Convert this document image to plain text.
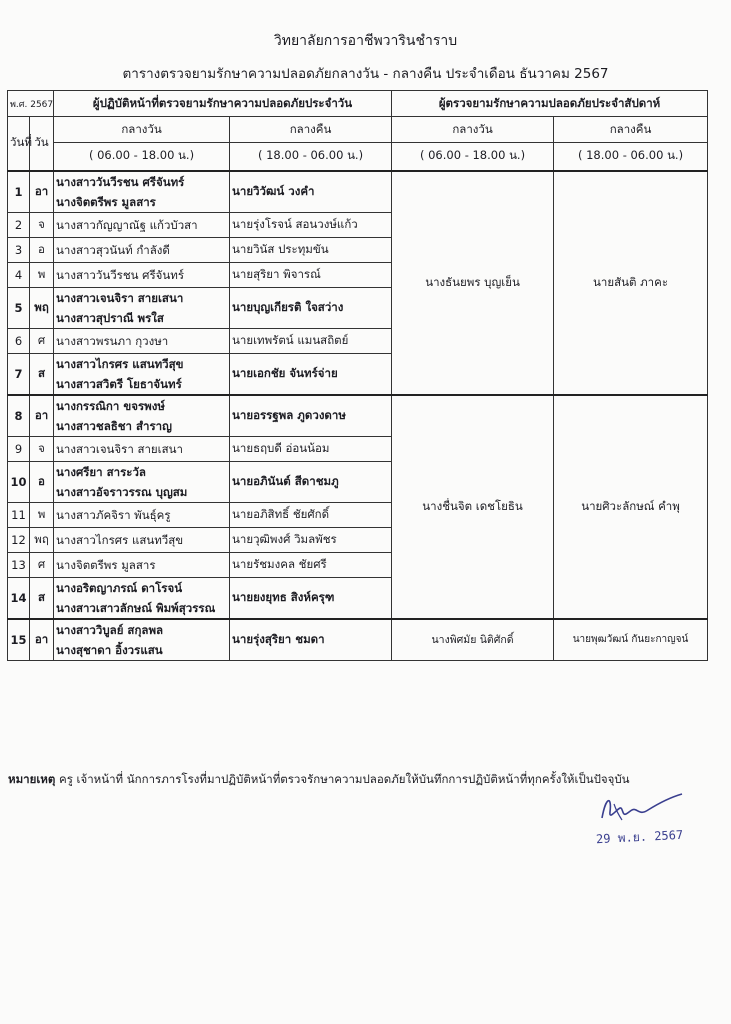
วิทยาลัยการอาชีพวารินชำราบ
ตารางตรวจยามรักษาความปลอดภัยกลางวัน - กลางคืน ประจำเดือน ธันวาคม 2567
พ.ศ. 2567		ผู้ปฏิบัติหน้าที่ตรวจยามรักษาความปลอดภัยประจำวัน		ผู้ตรวจยามรักษาความปลอดภัยประจำสัปดาห์	
วันที่	วัน	กลางวัน	กลางคืน	กลางวัน	กลางคืน
		( 06.00 - 18.00 น.)	( 18.00 - 06.00 น.)	( 06.00 - 18.00 น.)	( 18.00 - 06.00 น.)
1	อา	นางสาววันวีรชน ศรีจันทร์
นางจิตตรีพร มูลสาร	นายวิวัฒน์ วงคำ	นางธันยพร บุญเย็น	นายสันติ ภาคะ
2	จ	นางสาวกัญญาณัฐ แก้วบัวสา	นายรุ่งโรจน์ สอนวงษ์แก้ว		
3	อ	นางสาวสุวนันท์ กำลังดี	นายวินัส ประทุมขัน		
4	พ	นางสาววันวีรชน ศรีจันทร์	นายสุริยา พิจารณ์		
5	พฤ	นางสาวเจนจิรา สายเสนา
นางสาวสุปราณี พรใส	นายบุญเกียรติ ใจสว่าง		
6	ศ	นางสาวพรนภา กุวงษา	นายเทพรัตน์ แมนสถิตย์		
7	ส	นางสาวไกรศร แสนทวีสุข
นางสาวสวิตรี โยธาจันทร์	นายเอกชัย จันทร์จ่าย		
8	อา	นางกรรณิกา ขจรพงษ์
นางสาวชลธิชา สำราญ	นายอรรฐพล ภูดวงดาษ	นางชื่นจิต เดชโยธิน	นายศิวะลักษณ์ คำพุ
9	จ	นางสาวเจนจิรา สายเสนา	นายธฤบดี อ่อนน้อม		
10	อ	นางศรียา สาระวัล
นางสาวอัจราวรรณ บุญสม	นายอภินันต์ สีดาชมภู		
11	พ	นางสาวภัคจิรา พันธุ์ครู	นายอภิสิทธิ์ ชัยศักดิ์		
12	พฤ	นางสาวไกรศร แสนทวีสุข	นายวุฒิพงศ์ วิมลพัชร		
13	ศ	นางจิตตรีพร มูลสาร	นายรัชมงคล ชัยศรี		
14	ส	นางอริตญาภรณ์ ดาโรจน์
นางสาวเสาวลักษณ์ พิมพ์สุวรรณ	นายยงยุทธ สิงห์ครุฑ		
15	อา	นางสาววิบูลย์ สกุลพล
นางสุชาดา อิ้งวรแสน	นายรุ่งสุริยา ชมดา	นางพิศมัย นิติศักดิ์	นายพุฒวัฒน์ กันยะกาญจน์
หมายเหตุ ครู เจ้าหน้าที่ นักการภารโรงที่มาปฏิบัติหน้าที่ตรวจรักษาความปลอดภัยให้บันทึกการปฏิบัติหน้าที่ทุกครั้งให้เป็นปัจจุบัน
29 พ.ย. 2567
